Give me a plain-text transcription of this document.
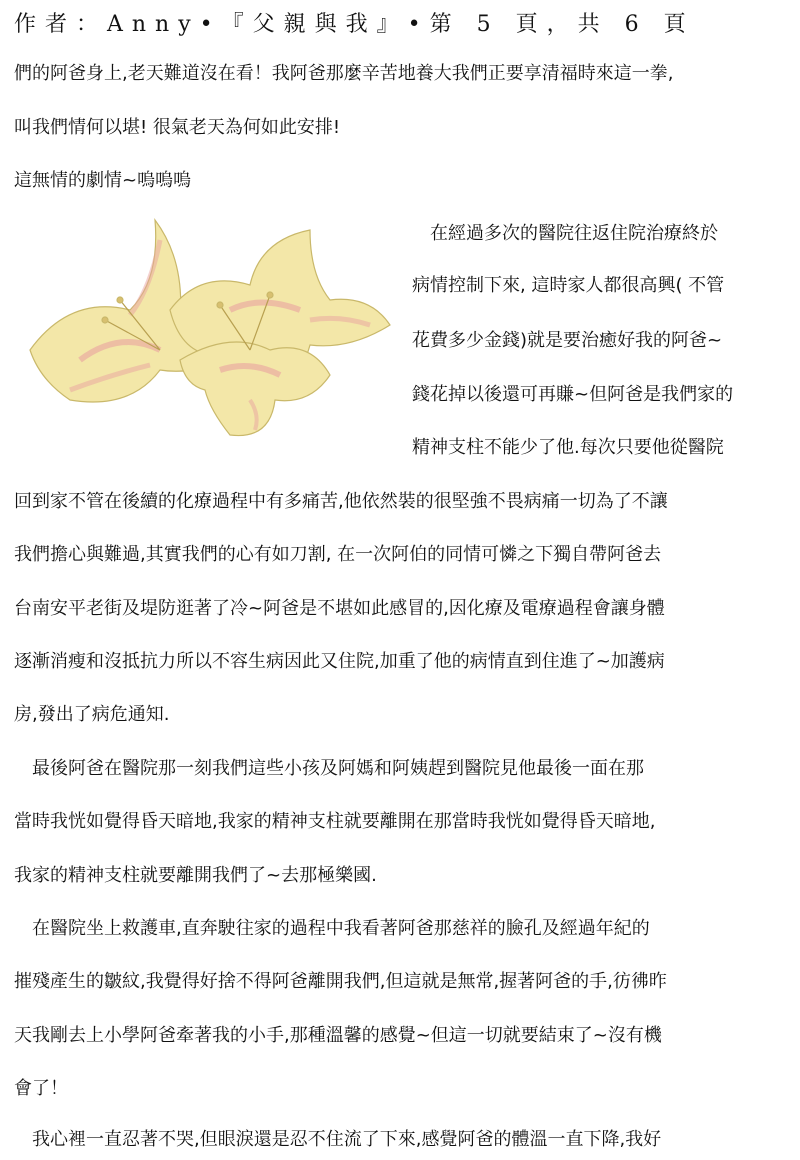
作者：Anny•『父親與我』•第 5 頁，共 6 頁
們的阿爸身上,老天難道沒在看！我阿爸那麼辛苦地養大我們正要享清福時來這一拳,
叫我們情何以堪! 很氣老天為何如此安排!
這無情的劇情~嗚嗚嗚
　在經過多次的醫院往返住院治療終於
病情控制下來, 這時家人都很高興( 不管
花費多少金錢)就是要治癒好我的阿爸~
錢花掉以後還可再賺~但阿爸是我們家的
精神支柱不能少了他.每次只要他從醫院
回到家不管在後續的化療過程中有多痛苦,他依然裝的很堅強不畏病痛一切為了不讓
我們擔心與難過,其實我們的心有如刀割, 在一次阿伯的同情可憐之下獨自帶阿爸去
台南安平老街及堤防逛著了冷~阿爸是不堪如此感冒的,因化療及電療過程會讓身體
逐漸消瘦和沒抵抗力所以不容生病因此又住院,加重了他的病情直到住進了~加護病
房,發出了病危通知.
　最後阿爸在醫院那一刻我們這些小孩及阿媽和阿姨趕到醫院見他最後一面在那
當時我恍如覺得昏天暗地,我家的精神支柱就要離開在那當時我恍如覺得昏天暗地,
我家的精神支柱就要離開我們了~去那極樂國.
　在醫院坐上救護車,直奔駛往家的過程中我看著阿爸那慈祥的臉孔及經過年紀的
摧殘產生的皺紋,我覺得好捨不得阿爸離開我們,但這就是無常,握著阿爸的手,彷彿昨
天我剛去上小學阿爸牽著我的小手,那種溫馨的感覺~但這一切就要結束了~沒有機
會了！
　我心裡一直忍著不哭,但眼淚還是忍不住流了下來,感覺阿爸的體溫一直下降,我好
